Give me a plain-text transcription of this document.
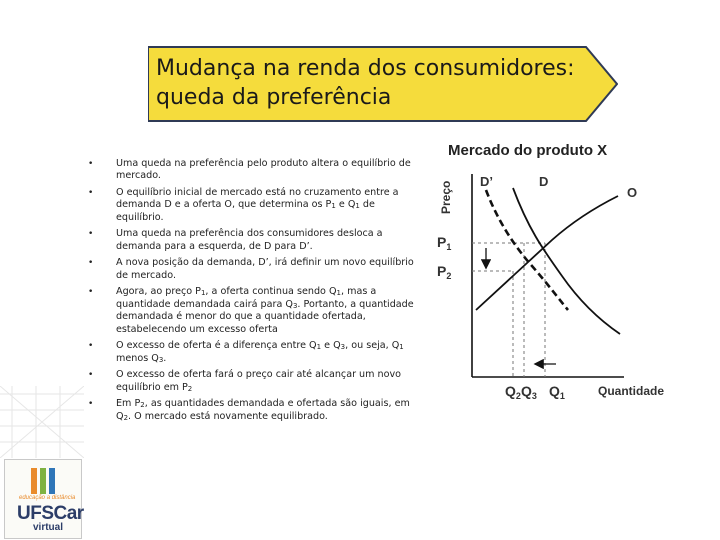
Mudança na renda dos consumidores:
queda da preferência
Mercado do produto X
• Uma queda na preferência pelo produto altera o equilíbrio de mercado.
• O equilíbrio inicial de mercado está no cruzamento entre a demanda D e a oferta O, que determina os $P_1$ e $Q_1$ de equilíbrio.
• Uma queda na preferência dos consumidores desloca a demanda para a esquerda, de D para D’.
• A nova posição da demanda, D’, irá definir um novo equilíbrio de mercado.
• Agora, ao preço $P_1$, a oferta continua sendo $Q_1$, mas a quantidade demandada cairá para $Q_3$. Portanto, a quantidade demandada é menor do que a quantidade ofertada, estabelecendo um excesso oferta
• O excesso de oferta é a diferença entre $Q_1$ e $Q_3$, ou seja, $Q_1$ menos $Q_3$.
• O excesso de oferta fará o preço cair até alcançar um novo equilíbrio em $P_2$
• Em $P_2$, as quantidades demandada e ofertada são iguais, em $Q_2$. O mercado está novamente equilibrado.
Preço
$P_1$
$P_2$
$Q_2$ $Q_3$ $Q_1$	Quantidade
D’	D
O
educação a distância
UFSCar
virtual
